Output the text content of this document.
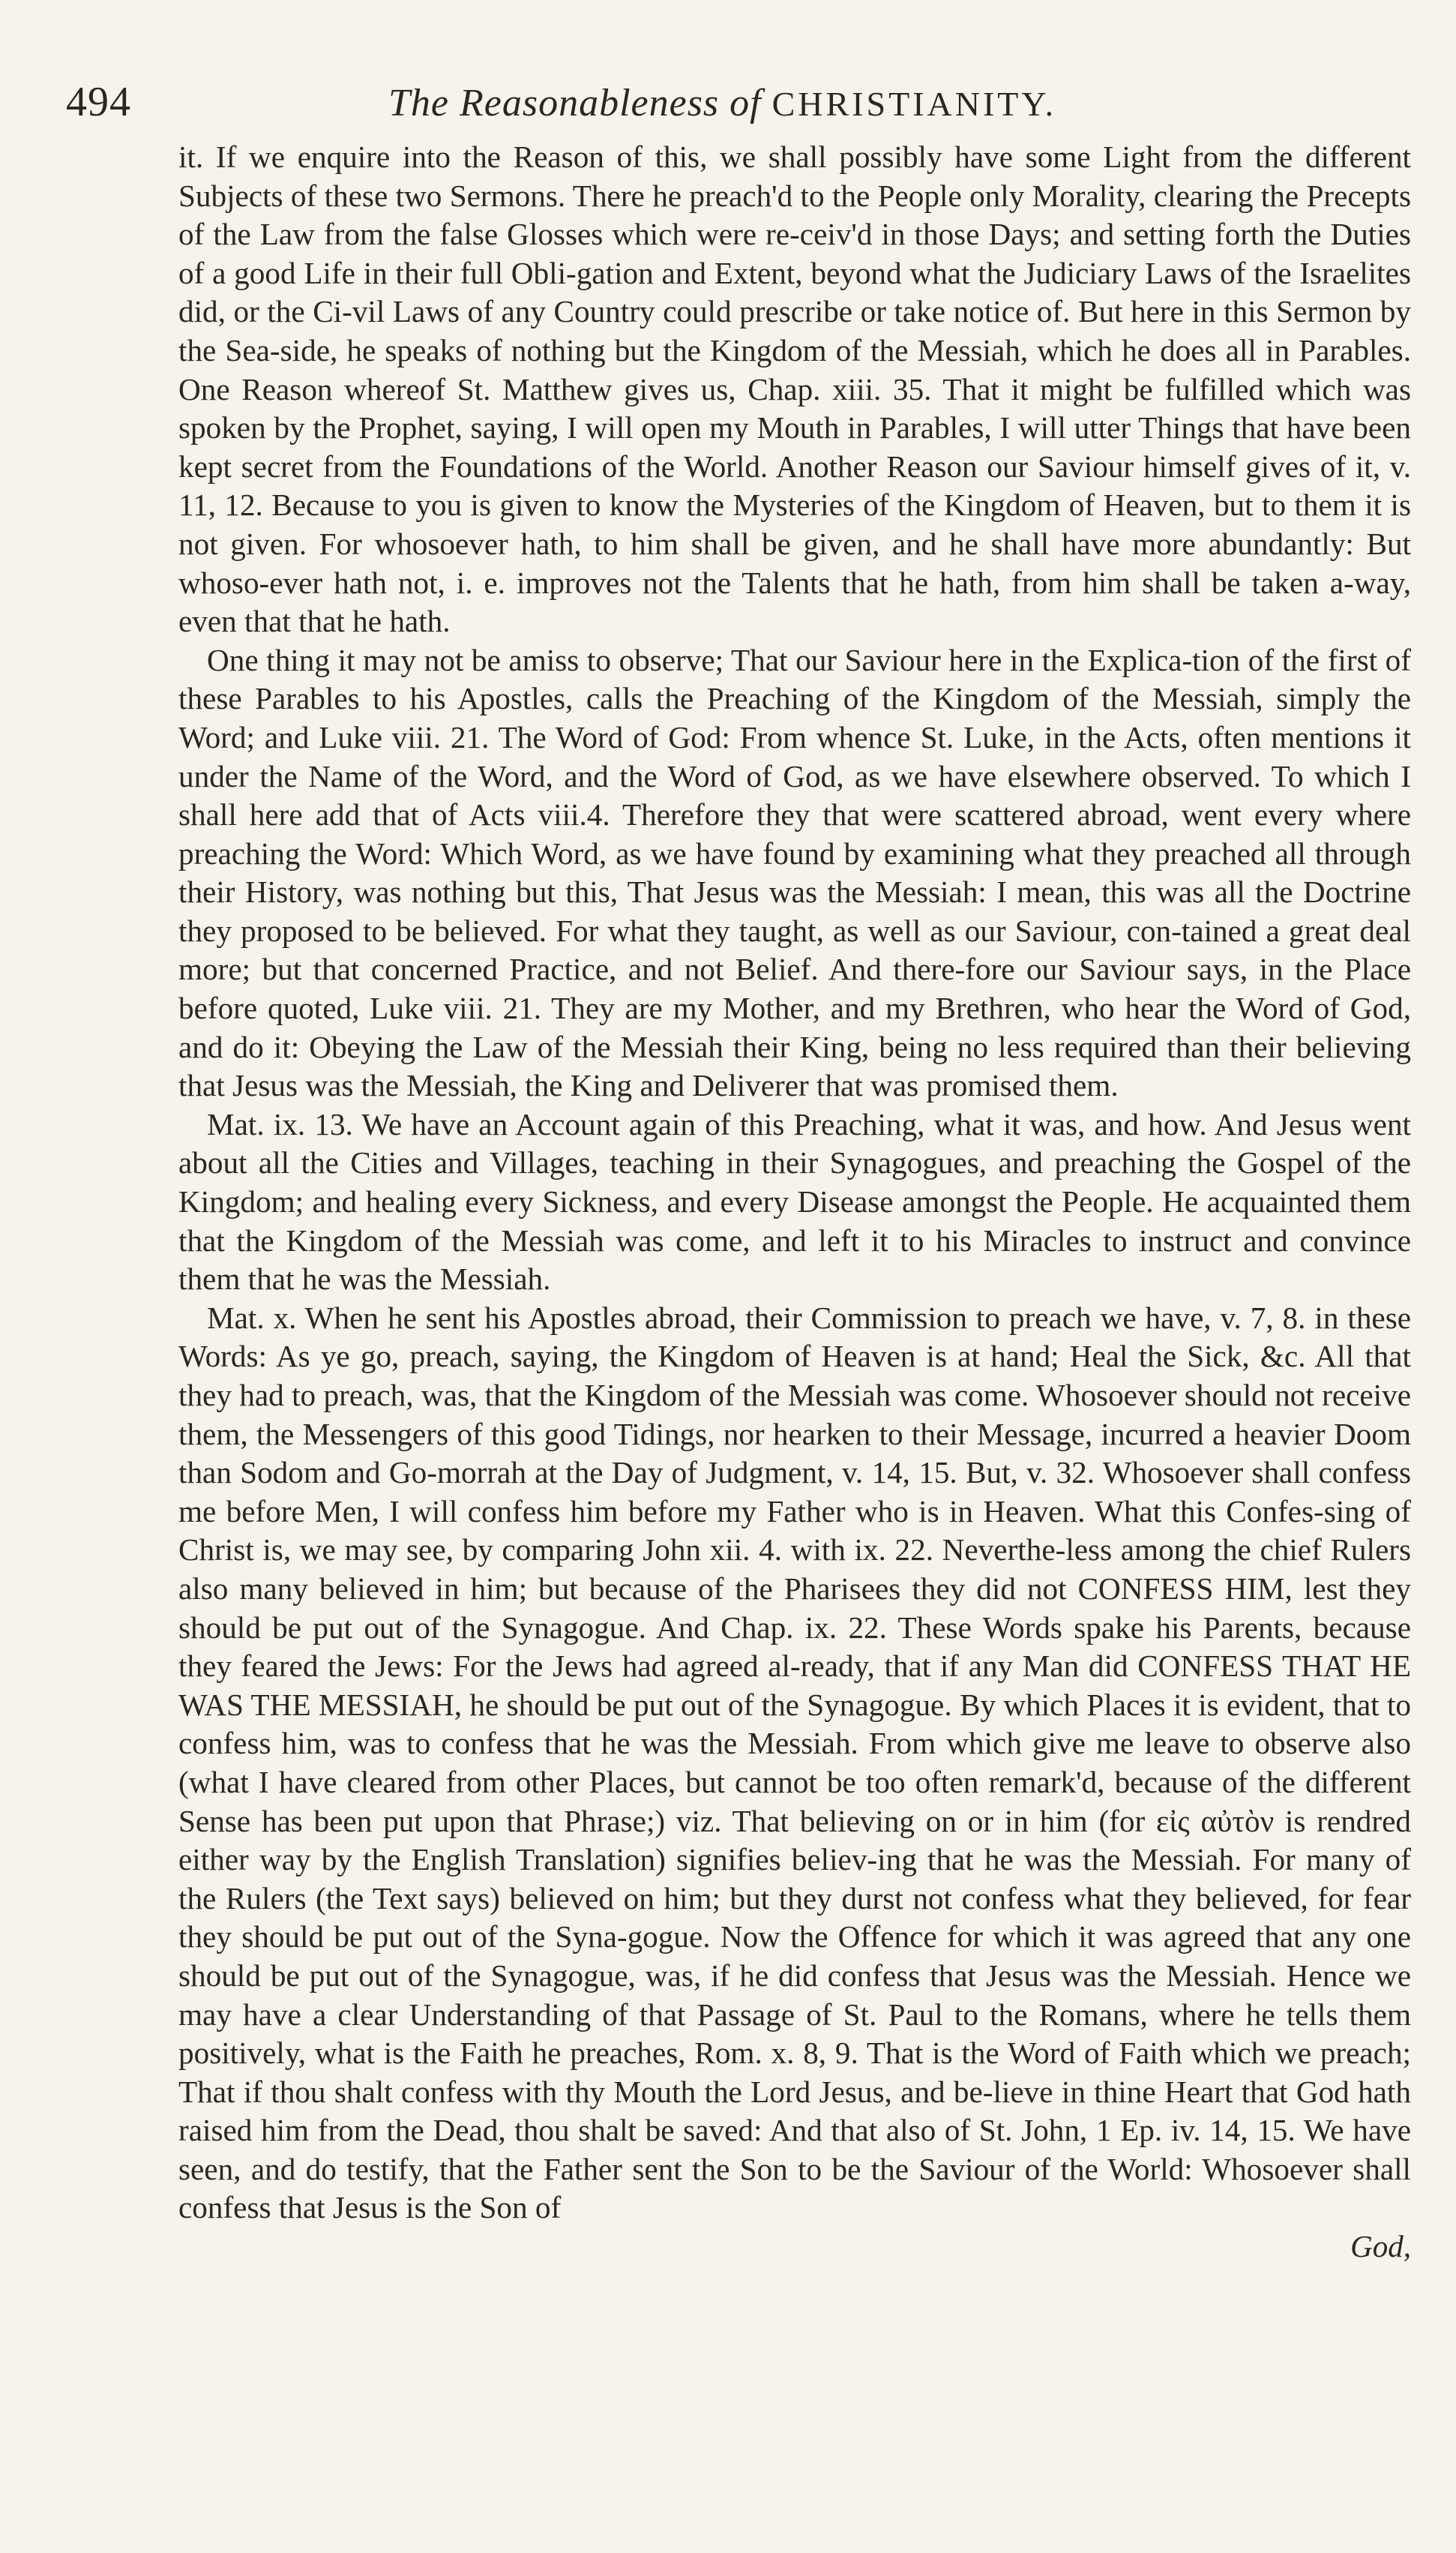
494	The Reasonableness of CHRISTIANITY.

it. If we enquire into the Reason of this, we shall possibly have some Light from the different Subjects of these two Sermons. There he preach'd to the People only Morality, clearing the Precepts of the Law from the false Glosses which were re-ceiv'd in those Days; and setting forth the Duties of a good Life in their full Obli-gation and Extent, beyond what the Judiciary Laws of the Israelites did, or the Ci-vil Laws of any Country could prescribe or take notice of. But here in this Sermon by the Sea-side, he speaks of nothing but the Kingdom of the Messiah, which he does all in Parables. One Reason whereof St. Matthew gives us, Chap. xiii. 35. That it might be fulfilled which was spoken by the Prophet, saying, I will open my Mouth in Parables, I will utter Things that have been kept secret from the Foundations of the World. Another Reason our Saviour himself gives of it, v. 11, 12. Because to you is given to know the Mysteries of the Kingdom of Heaven, but to them it is not given. For whosoever hath, to him shall be given, and he shall have more abundantly: But whoso-ever hath not, i. e. improves not the Talents that he hath, from him shall be taken a-way, even that that he hath.

One thing it may not be amiss to observe; That our Saviour here in the Explica-tion of the first of these Parables to his Apostles, calls the Preaching of the Kingdom of the Messiah, simply the Word; and Luke viii. 21. The Word of God: From whence St. Luke, in the Acts, often mentions it under the Name of the Word, and the Word of God, as we have elsewhere observed. To which I shall here add that of Acts viii.4. Therefore they that were scattered abroad, went every where preaching the Word: Which Word, as we have found by examining what they preached all through their History, was nothing but this, That Jesus was the Messiah: I mean, this was all the Doctrine they proposed to be believed. For what they taught, as well as our Saviour, con-tained a great deal more; but that concerned Practice, and not Belief. And there-fore our Saviour says, in the Place before quoted, Luke viii. 21. They are my Mother, and my Brethren, who hear the Word of God, and do it: Obeying the Law of the Messiah their King, being no less required than their believing that Jesus was the Messiah, the King and Deliverer that was promised them.

Mat. ix. 13. We have an Account again of this Preaching, what it was, and how. And Jesus went about all the Cities and Villages, teaching in their Synagogues, and preaching the Gospel of the Kingdom; and healing every Sickness, and every Disease amongst the People. He acquainted them that the Kingdom of the Messiah was come, and left it to his Miracles to instruct and convince them that he was the Messiah.

Mat. x. When he sent his Apostles abroad, their Commission to preach we have, v. 7, 8. in these Words: As ye go, preach, saying, the Kingdom of Heaven is at hand; Heal the Sick, &c. All that they had to preach, was, that the Kingdom of the Messiah was come. Whosoever should not receive them, the Messengers of this good Tidings, nor hearken to their Message, incurred a heavier Doom than Sodom and Go-morrah at the Day of Judgment, v. 14, 15. But, v. 32. Whosoever shall confess me before Men, I will confess him before my Father who is in Heaven. What this Confes-sing of Christ is, we may see, by comparing John xii. 4. with ix. 22. Neverthe-less among the chief Rulers also many believed in him; but because of the Pharisees they did not CONFESS HIM, lest they should be put out of the Synagogue. And Chap. ix. 22. These Words spake his Parents, because they feared the Jews: For the Jews had agreed al-ready, that if any Man did CONFESS THAT HE WAS THE MESSIAH, he should be put out of the Synagogue. By which Places it is evident, that to confess him, was to confess that he was the Messiah. From which give me leave to observe also (what I have cleared from other Places, but cannot be too often remark'd, because of the different Sense has been put upon that Phrase;) viz. That believing on or in him (for εἰς αὐτὸν is rendred either way by the English Translation) signifies believ-ing that he was the Messiah. For many of the Rulers (the Text says) believed on him; but they durst not confess what they believed, for fear they should be put out of the Syna-gogue. Now the Offence for which it was agreed that any one should be put out of the Synagogue, was, if he did confess that Jesus was the Messiah. Hence we may have a clear Understanding of that Passage of St. Paul to the Romans, where he tells them positively, what is the Faith he preaches, Rom. x. 8, 9. That is the Word of Faith which we preach; That if thou shalt confess with thy Mouth the Lord Jesus, and be-lieve in thine Heart that God hath raised him from the Dead, thou shalt be saved: And that also of St. John, 1 Ep. iv. 14, 15. We have seen, and do testify, that the Father sent the Son to be the Saviour of the World: Whosoever shall confess that Jesus is the Son of

God,
